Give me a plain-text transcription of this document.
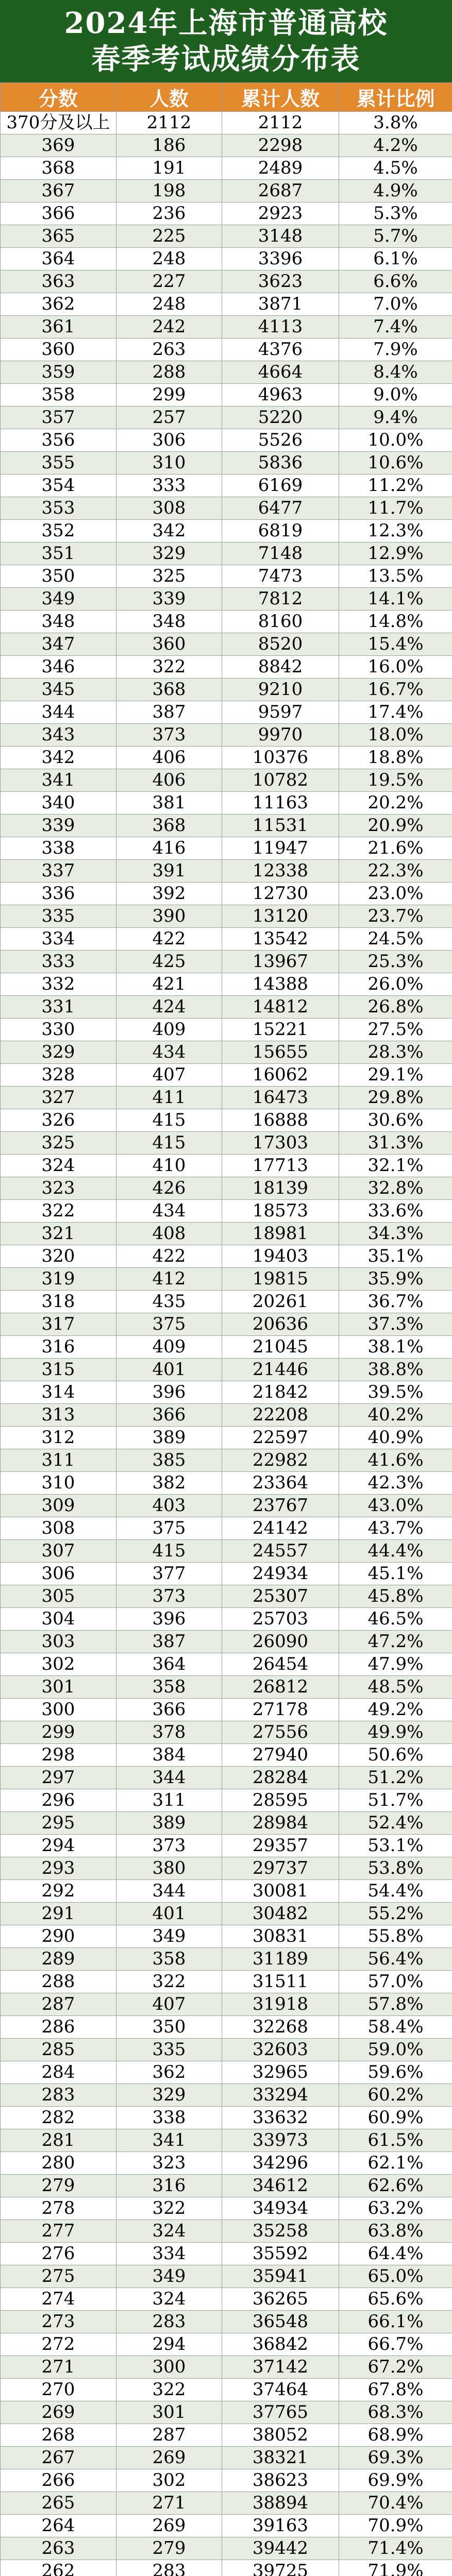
2024年上海市普通高校
春季考试成绩分布表
分数	人数	累计人数	累计比例
370分及以上	2112	2112	3.8%
369	186	2298	4.2%
368	191	2489	4.5%
367	198	2687	4.9%
366	236	2923	5.3%
365	225	3148	5.7%
364	248	3396	6.1%
363	227	3623	6.6%
362	248	3871	7.0%
361	242	4113	7.4%
360	263	4376	7.9%
359	288	4664	8.4%
358	299	4963	9.0%
357	257	5220	9.4%
356	306	5526	10.0%
355	310	5836	10.6%
354	333	6169	11.2%
353	308	6477	11.7%
352	342	6819	12.3%
351	329	7148	12.9%
350	325	7473	13.5%
349	339	7812	14.1%
348	348	8160	14.8%
347	360	8520	15.4%
346	322	8842	16.0%
345	368	9210	16.7%
344	387	9597	17.4%
343	373	9970	18.0%
342	406	10376	18.8%
341	406	10782	19.5%
340	381	11163	20.2%
339	368	11531	20.9%
338	416	11947	21.6%
337	391	12338	22.3%
336	392	12730	23.0%
335	390	13120	23.7%
334	422	13542	24.5%
333	425	13967	25.3%
332	421	14388	26.0%
331	424	14812	26.8%
330	409	15221	27.5%
329	434	15655	28.3%
328	407	16062	29.1%
327	411	16473	29.8%
326	415	16888	30.6%
325	415	17303	31.3%
324	410	17713	32.1%
323	426	18139	32.8%
322	434	18573	33.6%
321	408	18981	34.3%
320	422	19403	35.1%
319	412	19815	35.9%
318	435	20261	36.7%
317	375	20636	37.3%
316	409	21045	38.1%
315	401	21446	38.8%
314	396	21842	39.5%
313	366	22208	40.2%
312	389	22597	40.9%
311	385	22982	41.6%
310	382	23364	42.3%
309	403	23767	43.0%
308	375	24142	43.7%
307	415	24557	44.4%
306	377	24934	45.1%
305	373	25307	45.8%
304	396	25703	46.5%
303	387	26090	47.2%
302	364	26454	47.9%
301	358	26812	48.5%
300	366	27178	49.2%
299	378	27556	49.9%
298	384	27940	50.6%
297	344	28284	51.2%
296	311	28595	51.7%
295	389	28984	52.4%
294	373	29357	53.1%
293	380	29737	53.8%
292	344	30081	54.4%
291	401	30482	55.2%
290	349	30831	55.8%
289	358	31189	56.4%
288	322	31511	57.0%
287	407	31918	57.8%
286	350	32268	58.4%
285	335	32603	59.0%
284	362	32965	59.6%
283	329	33294	60.2%
282	338	33632	60.9%
281	341	33973	61.5%
280	323	34296	62.1%
279	316	34612	62.6%
278	322	34934	63.2%
277	324	35258	63.8%
276	334	35592	64.4%
275	349	35941	65.0%
274	324	36265	65.6%
273	283	36548	66.1%
272	294	36842	66.7%
271	300	37142	67.2%
270	322	37464	67.8%
269	301	37765	68.3%
268	287	38052	68.9%
267	269	38321	69.3%
266	302	38623	69.9%
265	271	38894	70.4%
264	269	39163	70.9%
263	279	39442	71.4%
262	283	39725	71.9%
